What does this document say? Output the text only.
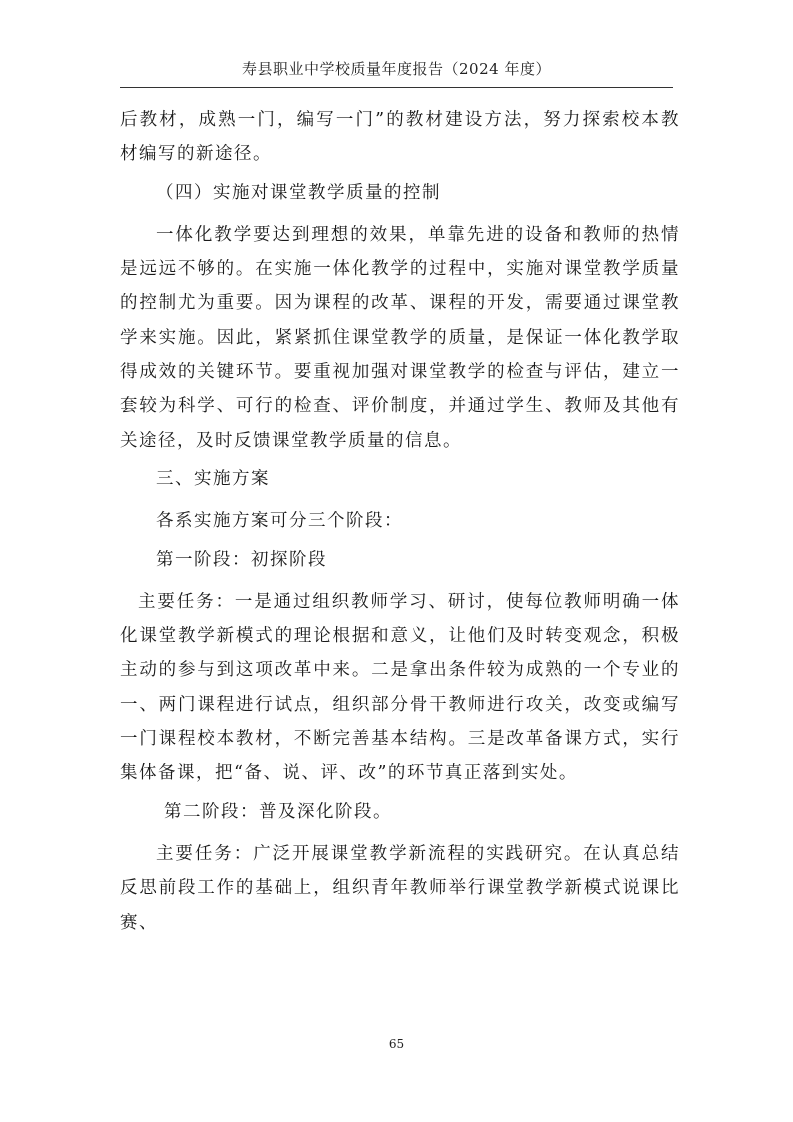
寿县职业中学校质量年度报告（2024 年度）

后教材，成熟一门，编写一门”的教材建设方法，努力探索校本教材编写的新途径。

（四）实施对课堂教学质量的控制

一体化教学要达到理想的效果，单靠先进的设备和教师的热情是远远不够的。在实施一体化教学的过程中，实施对课堂教学质量的控制尤为重要。因为课程的改革、课程的开发，需要通过课堂教学来实施。因此，紧紧抓住课堂教学的质量，是保证一体化教学取得成效的关键环节。要重视加强对课堂教学的检查与评估，建立一套较为科学、可行的检查、评价制度，并通过学生、教师及其他有关途径，及时反馈课堂教学质量的信息。

三、实施方案

各系实施方案可分三个阶段：

第一阶段：初探阶段

主要任务：一是通过组织教师学习、研讨，使每位教师明确一体化课堂教学新模式的理论根据和意义，让他们及时转变观念，积极主动的参与到这项改革中来。二是拿出条件较为成熟的一个专业的一、两门课程进行试点，组织部分骨干教师进行攻关，改变或编写一门课程校本教材，不断完善基本结构。三是改革备课方式，实行集体备课，把“备、说、评、改”的环节真正落到实处。

第二阶段：普及深化阶段。

主要任务：广泛开展课堂教学新流程的实践研究。在认真总结反思前段工作的基础上，组织青年教师举行课堂教学新模式说课比赛、

65
